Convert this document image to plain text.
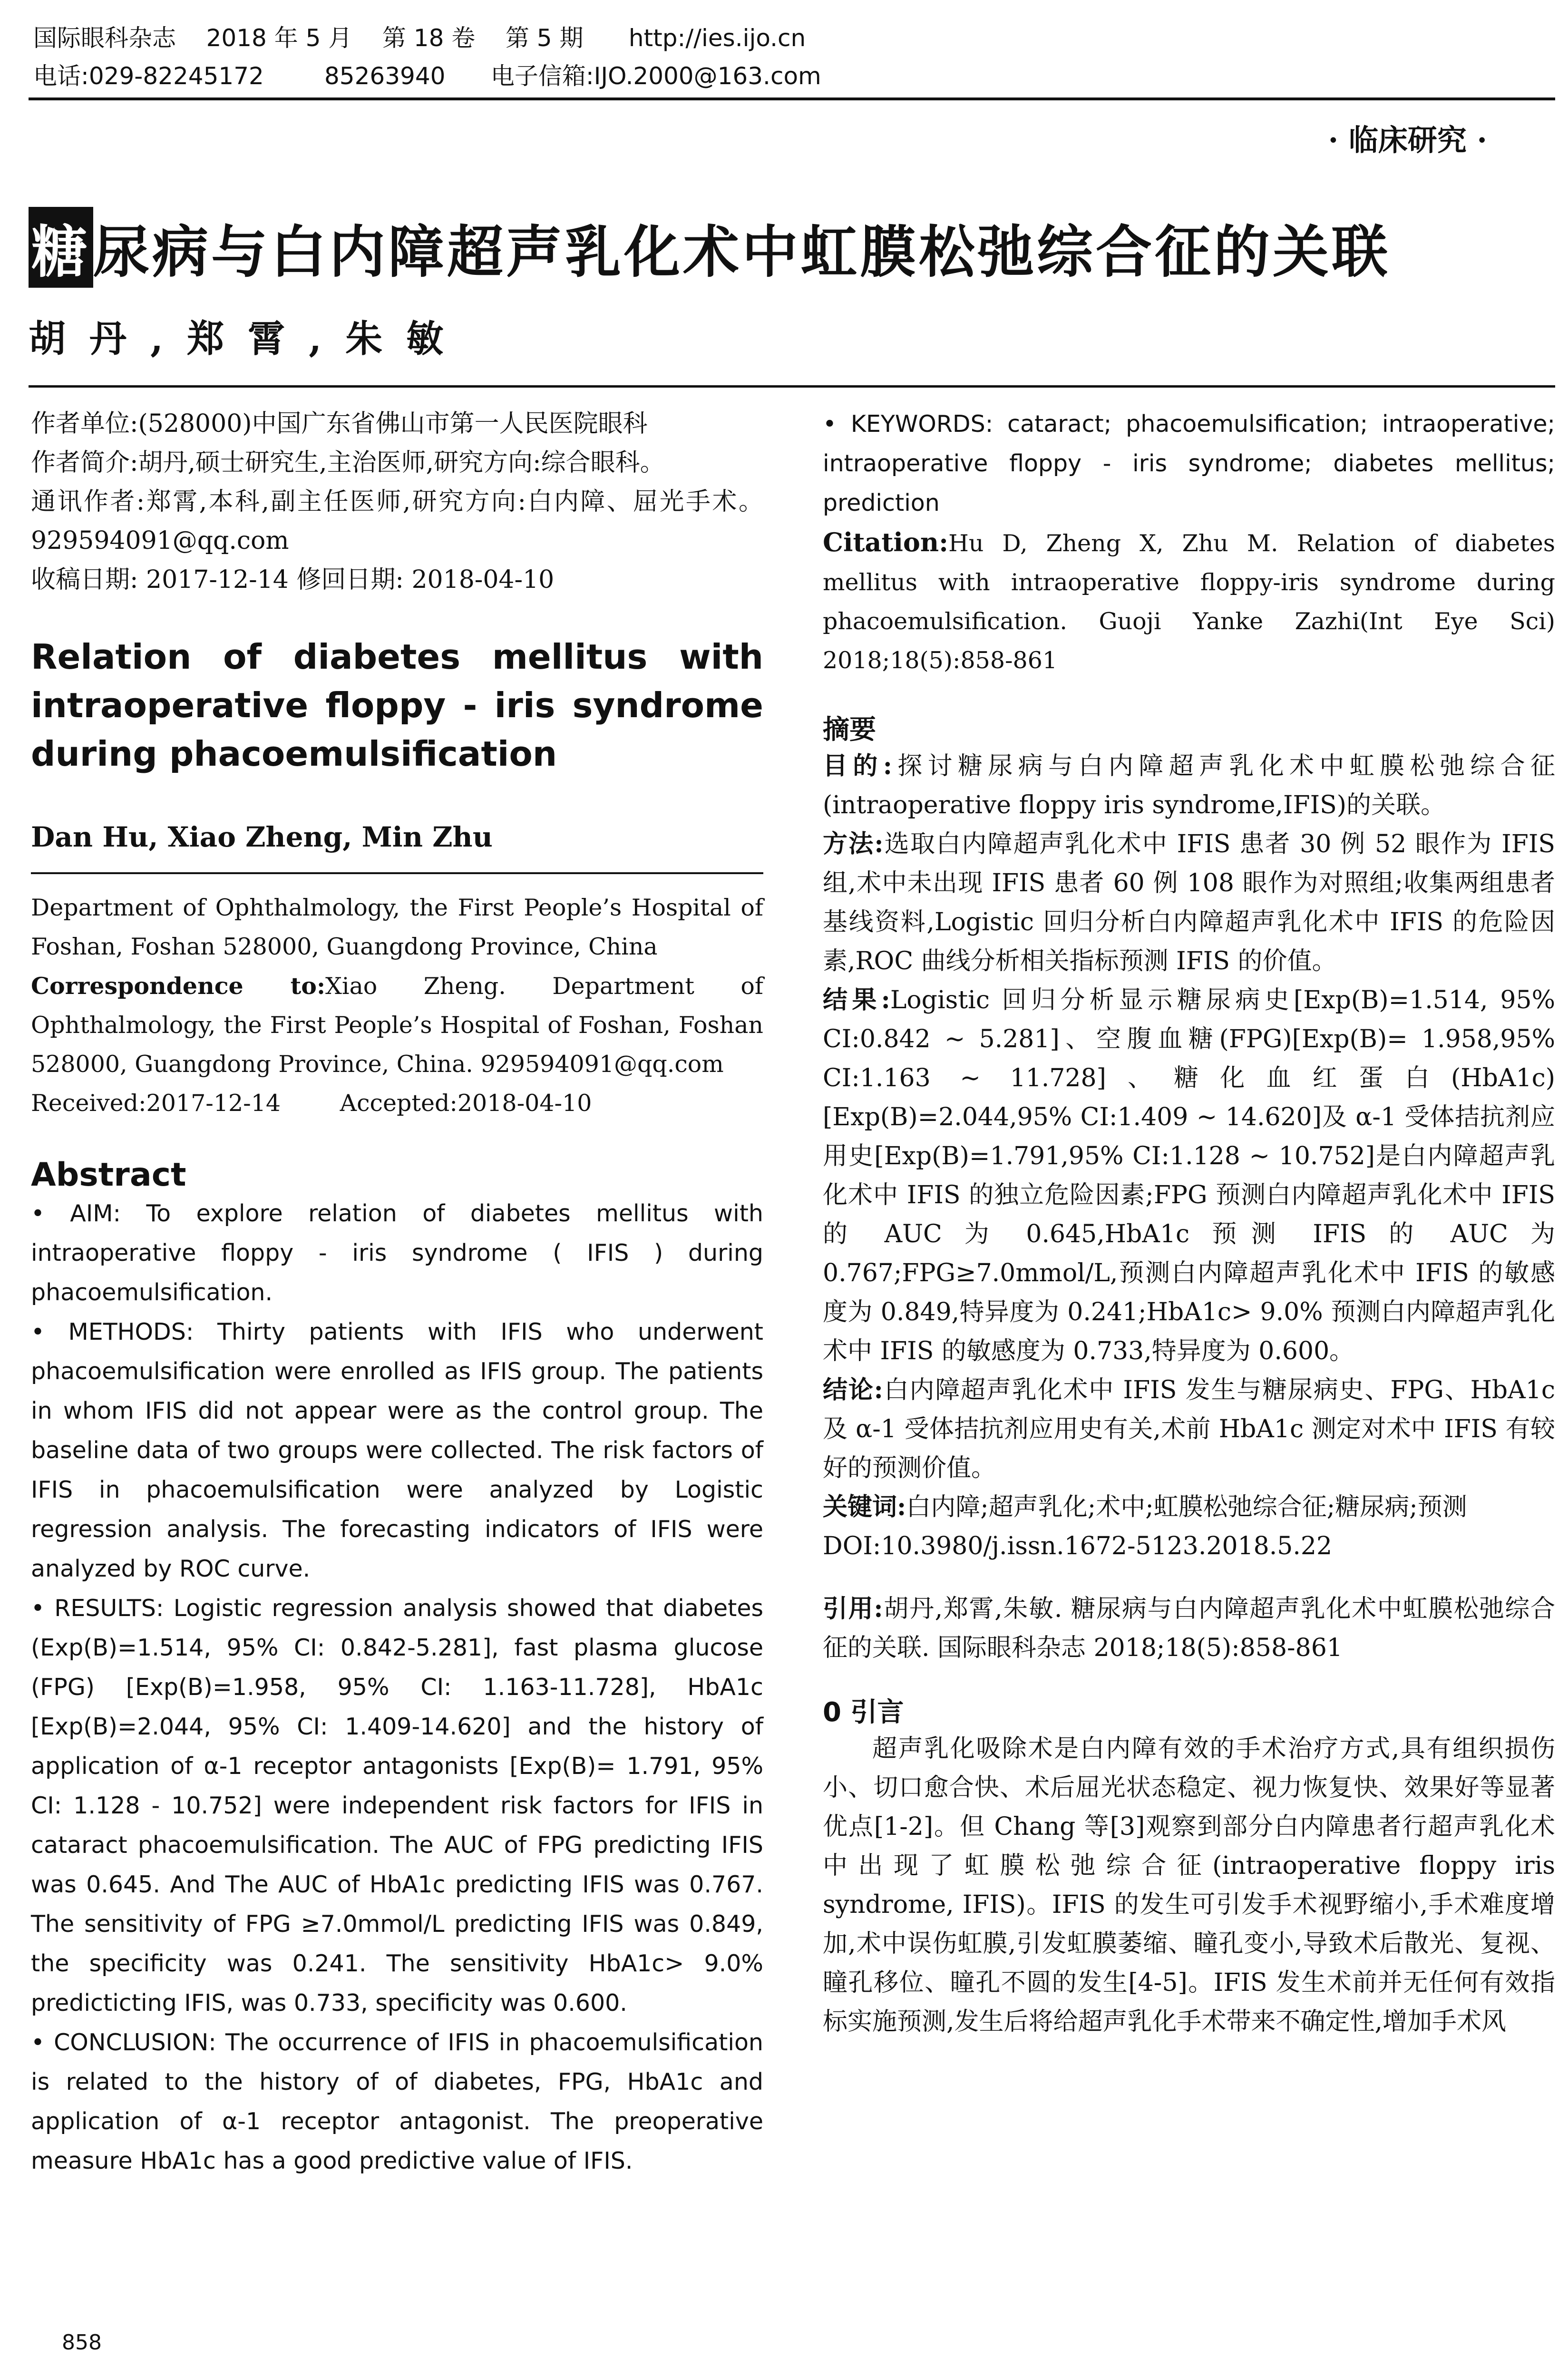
国际眼科杂志    2018 年 5 月    第 18 卷    第 5 期      http://ies.ijo.cn
电话:029-82245172        85263940      电子信箱:IJO.2000@163.com
· 临床研究 ·
糖尿病与白内障超声乳化术中虹膜松弛综合征的关联
胡丹,郑霄,朱敏

作者单位:(528000)中国广东省佛山市第一人民医院眼科

作者简介:胡丹,硕士研究生,主治医师,研究方向:综合眼科。

通讯作者:郑霄,本科,副主任医师,研究方向:白内障、屈光手术。929594091@qq.com

收稿日期: 2017-12-14 修回日期: 2018-04-10

Relation of diabetes mellitus with intraoperative floppy - iris syndrome during phacoemulsification

Dan Hu, Xiao Zheng, Min Zhu

Department of Ophthalmology, the First People’s Hospital of Foshan, Foshan 528000, Guangdong Province, China

Correspondence to:Xiao Zheng. Department of Ophthalmology, the First People’s Hospital of Foshan, Foshan 528000, Guangdong Province, China. 929594091@qq.com

Received:2017-12-14        Accepted:2018-04-10

Abstract

• AIM: To explore relation of diabetes mellitus with intraoperative floppy - iris syndrome ( IFIS ) during phacoemulsification.

• METHODS: Thirty patients with IFIS who underwent phacoemulsification were enrolled as IFIS group. The patients in whom IFIS did not appear were as the control group. The baseline data of two groups were collected. The risk factors of IFIS in phacoemulsification were analyzed by Logistic regression analysis. The forecasting indicators of IFIS were analyzed by ROC curve.

• RESULTS: Logistic regression analysis showed that diabetes (Exp(B)=1.514, 95% CI: 0.842-5.281], fast plasma glucose (FPG) [Exp(B)=1.958, 95% CI: 1.163-11.728], HbA1c [Exp(B)=2.044, 95% CI: 1.409-14.620] and the history of application of α-1 receptor antagonists [Exp(B)= 1.791, 95% CI: 1.128 - 10.752] were independent risk factors for IFIS in cataract phacoemulsification. The AUC of FPG predicting IFIS was 0.645. And The AUC of HbA1c predicting IFIS was 0.767. The sensitivity of FPG ≥7.0mmol/L predicting IFIS was 0.849, the specificity was 0.241. The sensitivity HbA1c> 9.0% predicticting IFIS, was 0.733, specificity was 0.600.

• CONCLUSION: The occurrence of IFIS in phacoemulsification is related to the history of of diabetes, FPG, HbA1c and application of α-1 receptor antagonist. The preoperative measure HbA1c has a good predictive value of IFIS.

• KEYWORDS: cataract; phacoemulsification; intraoperative; intraoperative floppy - iris syndrome; diabetes mellitus; prediction

Citation:Hu D, Zheng X, Zhu M. Relation of diabetes mellitus with intraoperative floppy-iris syndrome during phacoemulsification. Guoji Yanke Zazhi(Int Eye Sci) 2018;18(5):858-861

摘要

目的:探讨糖尿病与白内障超声乳化术中虹膜松弛综合征(intraoperative floppy iris syndrome,IFIS)的关联。

方法:选取白内障超声乳化术中 IFIS 患者 30 例 52 眼作为 IFIS 组,术中未出现 IFIS 患者 60 例 108 眼作为对照组;收集两组患者基线资料,Logistic 回归分析白内障超声乳化术中 IFIS 的危险因素,ROC 曲线分析相关指标预测 IFIS 的价值。

结果:Logistic 回归分析显示糖尿病史[Exp(B)=1.514, 95% CI:0.842 ~ 5.281]、空腹血糖(FPG)[Exp(B)= 1.958,95% CI:1.163 ~ 11.728]、糖化血红蛋白(HbA1c) [Exp(B)=2.044,95% CI:1.409 ~ 14.620]及 α-1 受体拮抗剂应用史[Exp(B)=1.791,95% CI:1.128 ~ 10.752]是白内障超声乳化术中 IFIS 的独立危险因素;FPG 预测白内障超声乳化术中 IFIS 的 AUC 为 0.645,HbA1c 预测 IFIS 的 AUC 为 0.767;FPG≥7.0mmol/L,预测白内障超声乳化术中 IFIS 的敏感度为 0.849,特异度为 0.241;HbA1c> 9.0% 预测白内障超声乳化术中 IFIS 的敏感度为 0.733,特异度为 0.600。

结论:白内障超声乳化术中 IFIS 发生与糖尿病史、FPG、HbA1c 及 α-1 受体拮抗剂应用史有关,术前 HbA1c 测定对术中 IFIS 有较好的预测价值。

关键词:白内障;超声乳化;术中;虹膜松弛综合征;糖尿病;预测

DOI:10.3980/j.issn.1672-5123.2018.5.22

引用:胡丹,郑霄,朱敏. 糖尿病与白内障超声乳化术中虹膜松弛综合征的关联. 国际眼科杂志 2018;18(5):858-861

0 引言

超声乳化吸除术是白内障有效的手术治疗方式,具有组织损伤小、切口愈合快、术后屈光状态稳定、视力恢复快、效果好等显著优点[1-2]。但 Chang 等[3]观察到部分白内障患者行超声乳化术中出现了虹膜松弛综合征(intraoperative floppy iris syndrome, IFIS)。IFIS 的发生可引发手术视野缩小,手术难度增加,术中误伤虹膜,引发虹膜萎缩、瞳孔变小,导致术后散光、复视、瞳孔移位、瞳孔不圆的发生[4-5]。IFIS 发生术前并无任何有效指标实施预测,发生后将给超声乳化手术带来不确定性,增加手术风

858
